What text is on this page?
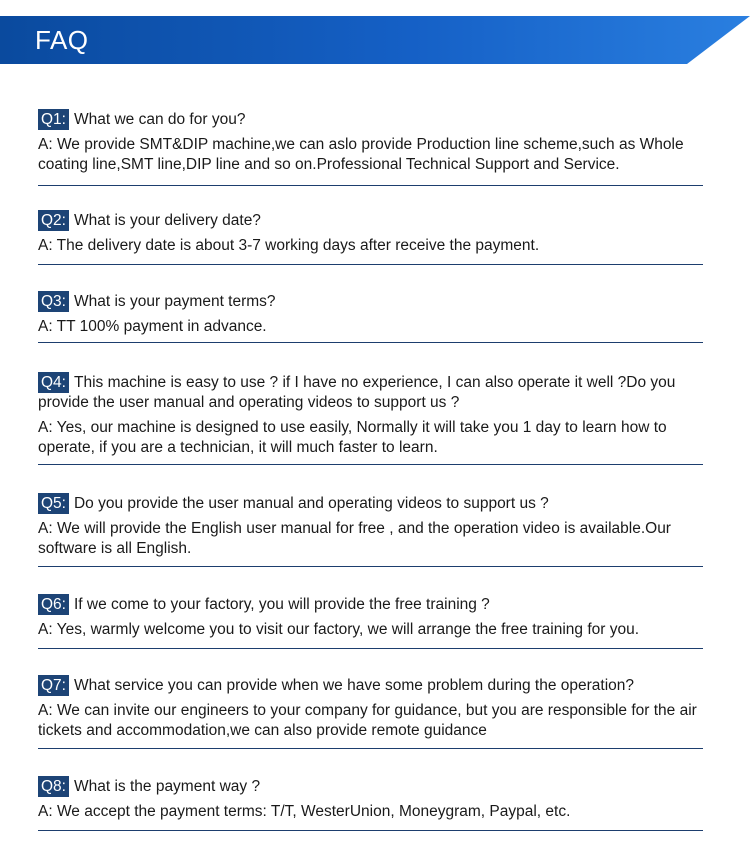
FAQ
Q1: What we can do for you?
A: We provide SMT&DIP machine,we can aslo provide Production line scheme,such as Whole coating line,SMT line,DIP line and so on.Professional Technical Support and Service.
Q2: What is your delivery date?
A: The delivery date is about 3-7 working days after receive the payment.
Q3: What is your payment terms?
A: TT 100% payment in advance.
Q4: This machine is easy to use ? if I have no experience, I can also operate it well ?Do you provide the user manual and operating videos to support us ?
A: Yes, our machine is designed to use easily, Normally it will take you 1 day to learn how to operate, if you are a technician, it will much faster to learn.
Q5: Do you provide the user manual and operating videos to support us ?
A: We will provide the English user manual for free , and the operation video is available.Our software is all English.
Q6: If we come to your factory, you will provide the free training ?
A: Yes, warmly welcome you to visit our factory, we will arrange the free training for you.
Q7: What service you can provide when we have some problem during the operation?
A: We can invite our engineers to your company for guidance, but you are responsible for the air tickets and accommodation,we can also provide remote guidance
Q8: What is the payment way ?
A: We accept the payment terms: T/T, WesterUnion, Moneygram, Paypal, etc.
